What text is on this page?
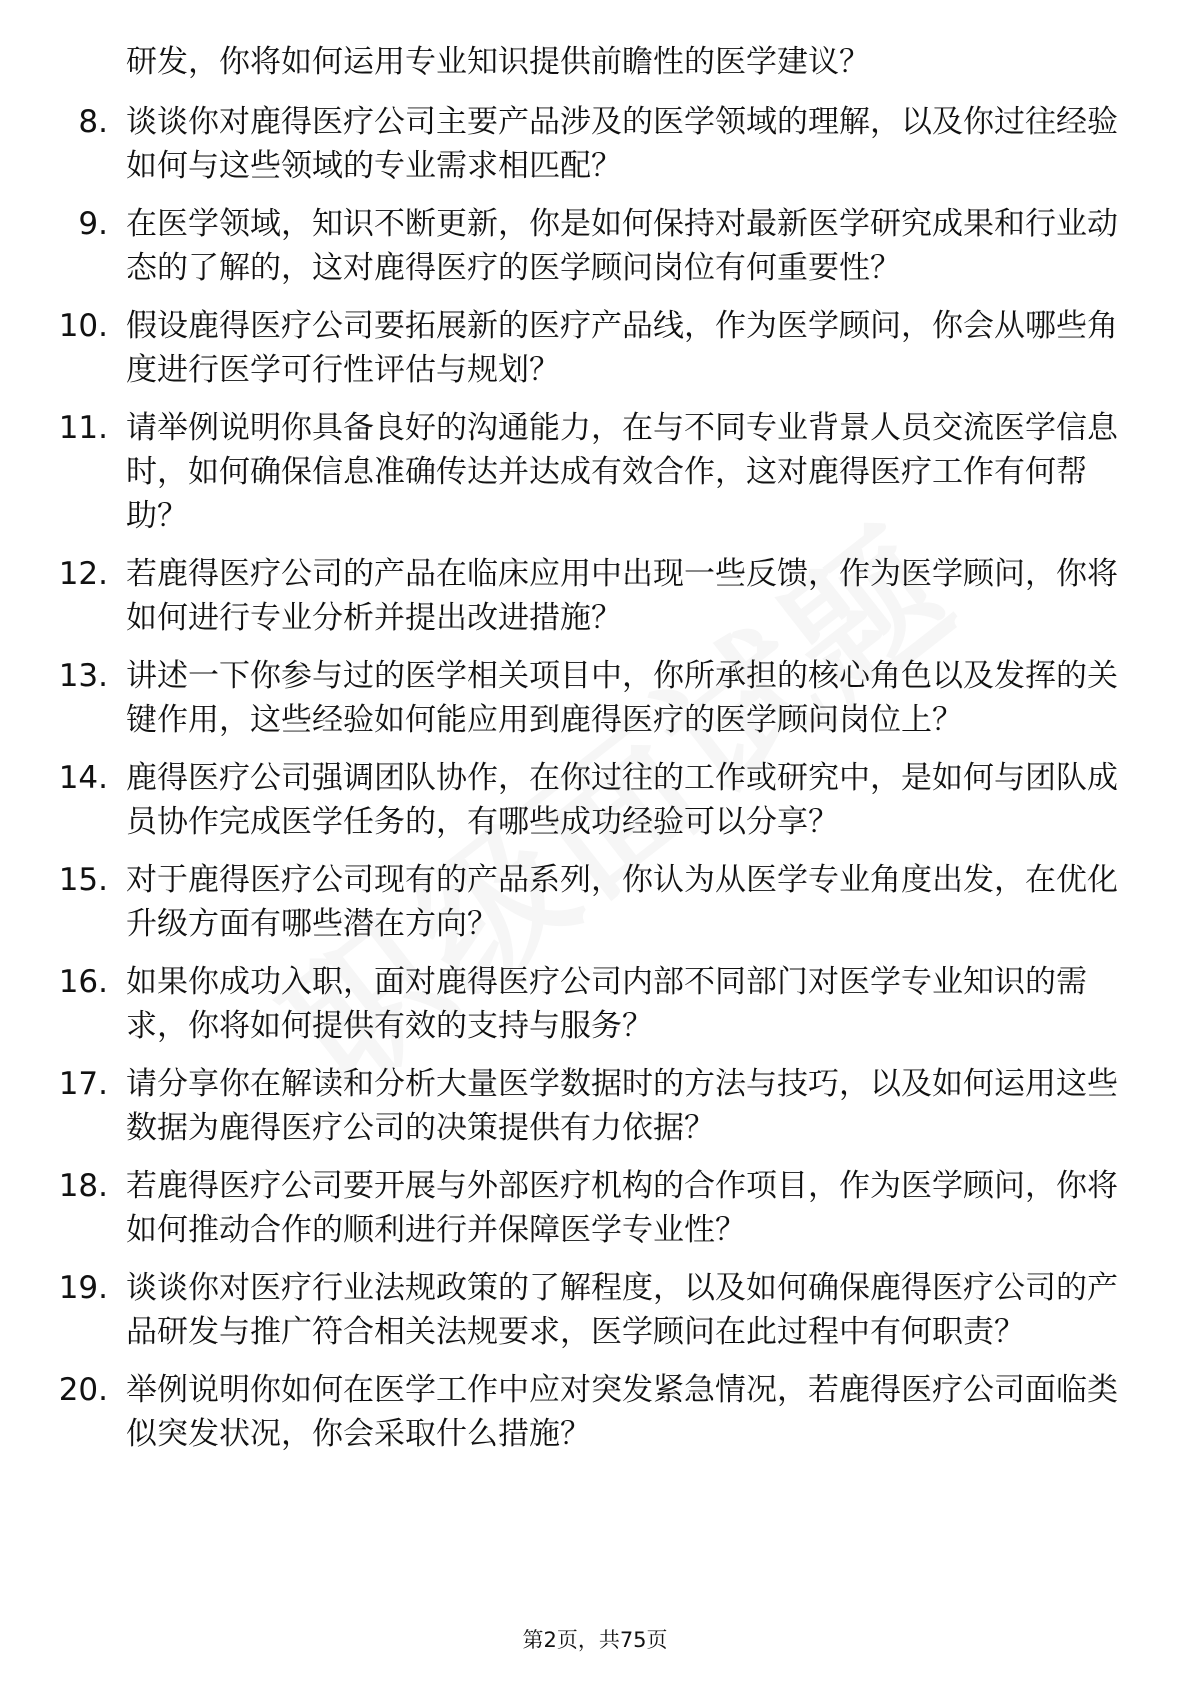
研发，你将如何运用专业知识提供前瞻性的医学建议？
8. 谈谈你对鹿得医疗公司主要产品涉及的医学领域的理解，以及你过往经验如何与这些领域的专业需求相匹配？
9. 在医学领域，知识不断更新，你是如何保持对最新医学研究成果和行业动态的了解的，这对鹿得医疗的医学顾问岗位有何重要性？
10. 假设鹿得医疗公司要拓展新的医疗产品线，作为医学顾问，你会从哪些角度进行医学可行性评估与规划？
11. 请举例说明你具备良好的沟通能力，在与不同专业背景人员交流医学信息时，如何确保信息准确传达并达成有效合作，这对鹿得医疗工作有何帮助？
12. 若鹿得医疗公司的产品在临床应用中出现一些反馈，作为医学顾问，你将如何进行专业分析并提出改进措施？
13. 讲述一下你参与过的医学相关项目中，你所承担的核心角色以及发挥的关键作用，这些经验如何能应用到鹿得医疗的医学顾问岗位上？
14. 鹿得医疗公司强调团队协作，在你过往的工作或研究中，是如何与团队成员协作完成医学任务的，有哪些成功经验可以分享？
15. 对于鹿得医疗公司现有的产品系列，你认为从医学专业角度出发，在优化升级方面有哪些潜在方向？
16. 如果你成功入职，面对鹿得医疗公司内部不同部门对医学专业知识的需求，你将如何提供有效的支持与服务？
17. 请分享你在解读和分析大量医学数据时的方法与技巧，以及如何运用这些数据为鹿得医疗公司的决策提供有力依据？
18. 若鹿得医疗公司要开展与外部医疗机构的合作项目，作为医学顾问，你将如何推动合作的顺利进行并保障医学专业性？
19. 谈谈你对医疗行业法规政策的了解程度，以及如何确保鹿得医疗公司的产品研发与推广符合相关法规要求，医学顾问在此过程中有何职责？
20. 举例说明你如何在医学工作中应对突发紧急情况，若鹿得医疗公司面临类似突发状况，你会采取什么措施？
第2页，共75页
